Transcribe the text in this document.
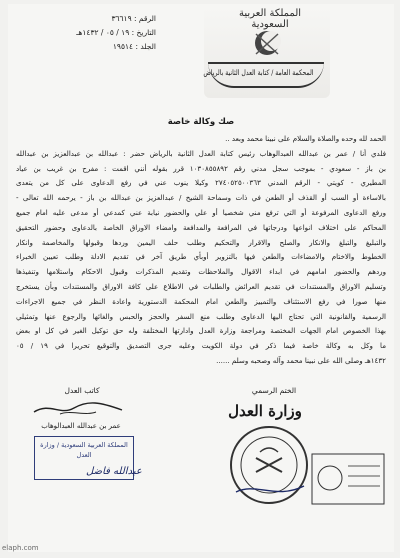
الرقم : ٣٦٦١٩
التاريخ : ١٩ / ٠٥ / ١٤٣٢هـ
الجلد : ١٩٥١٤
المملكة العربية السعودية
المحكمة العامة / كتابة العدل الثانية بالرياض
صك وكالة خاصة
الحمد لله وحده والصلاة والسلام على نبينا محمد وبعد ..
فلدي أنا / عمر بن عبدالله العبدالوهاب رئيس كتابة العدل الثانية بالرياض حضر : عبدالله بن عبدالعزيز بن عبدالله
بن باز - سعودي - بموجب سجل مدني رقم ١٠٣٠٨٥٥٨٩٢ قرر بقوله أنني اقمت : مفرح بن غريب بن عياد
المطيري - كويتي - الرقم المدني ٢٧٤٠٥٢٥٠٠٣٦٣ وكيلا ينوب عني في رفع الدعاوى على كل من يتعدى
بالاساءة أو السب أو القذف أو الطعن في ذات وسماحة الشيخ / عبدالعزيز بن عبدالله بن باز - يرحمه الله تعالى -
ورفع الدعاوى المرفوعة أو التي ترفع مني شخصيا أو علي والحضور نيابة عني كمدعي أو مدعى عليه امام جميع
المحاكم على اختلاف انواعها ودرجاتها في المرافعة والمدافعة وامضاء الاوراق الخاصة بالدعاوى وحضور التحقيق
والتبليغ والتبلغ والانكار والصلح والاقرار والتحكيم وطلب حلف اليمين وردها وقبولها والمخاصمة وانكار
الخطوط والاختام والامضاءات والطعن فيها بالتزوير أوبأي طريق آخر في تقديم الادلة وطلب تعيين الخبراء
وردهم والحضور امامهم في ابداء الاقوال والملاحظات وتقديم المذكرات وقبول الاحكام واستلامها وتنفيذها
وتسليم الاوراق والمستندات في تقديم العرائض والطلبات في الاطلاع على كافة الاوراق والمستندات وبأن يستخرج
منها صورا في رفع الاستئناف والتمييز والطعن امام المحكمة الدستورية واعادة النظر في جميع الاجراءات
الرسمية والقانونية التي تحتاج اليها الدعاوى وطلب منع السفر والحجز والحبس والغائها والرجوع عنها وتمثيلي
بهذا الخصوص امام الجهات المختصة ومراجعة وزارة العدل وادارتها المختلفة وله حق توكيل الغير في كل او بعض
ما وكل به وكالة خاصة فيما ذكر في دولة الكويت وعليه جرى التصديق والتوقيع تحريرا في ١٩ / ٠٥
١٤٣٢هـ وصلى الله على نبينا محمد وآله وصحبه وسلم ......
كاتب العدل
عمر بن عبدالله العبدالوهاب
المملكة العربية السعودية / وزارة العدل
عبدالله فاضل
الختم الرسمي
وزارة العدل
elaph.com
